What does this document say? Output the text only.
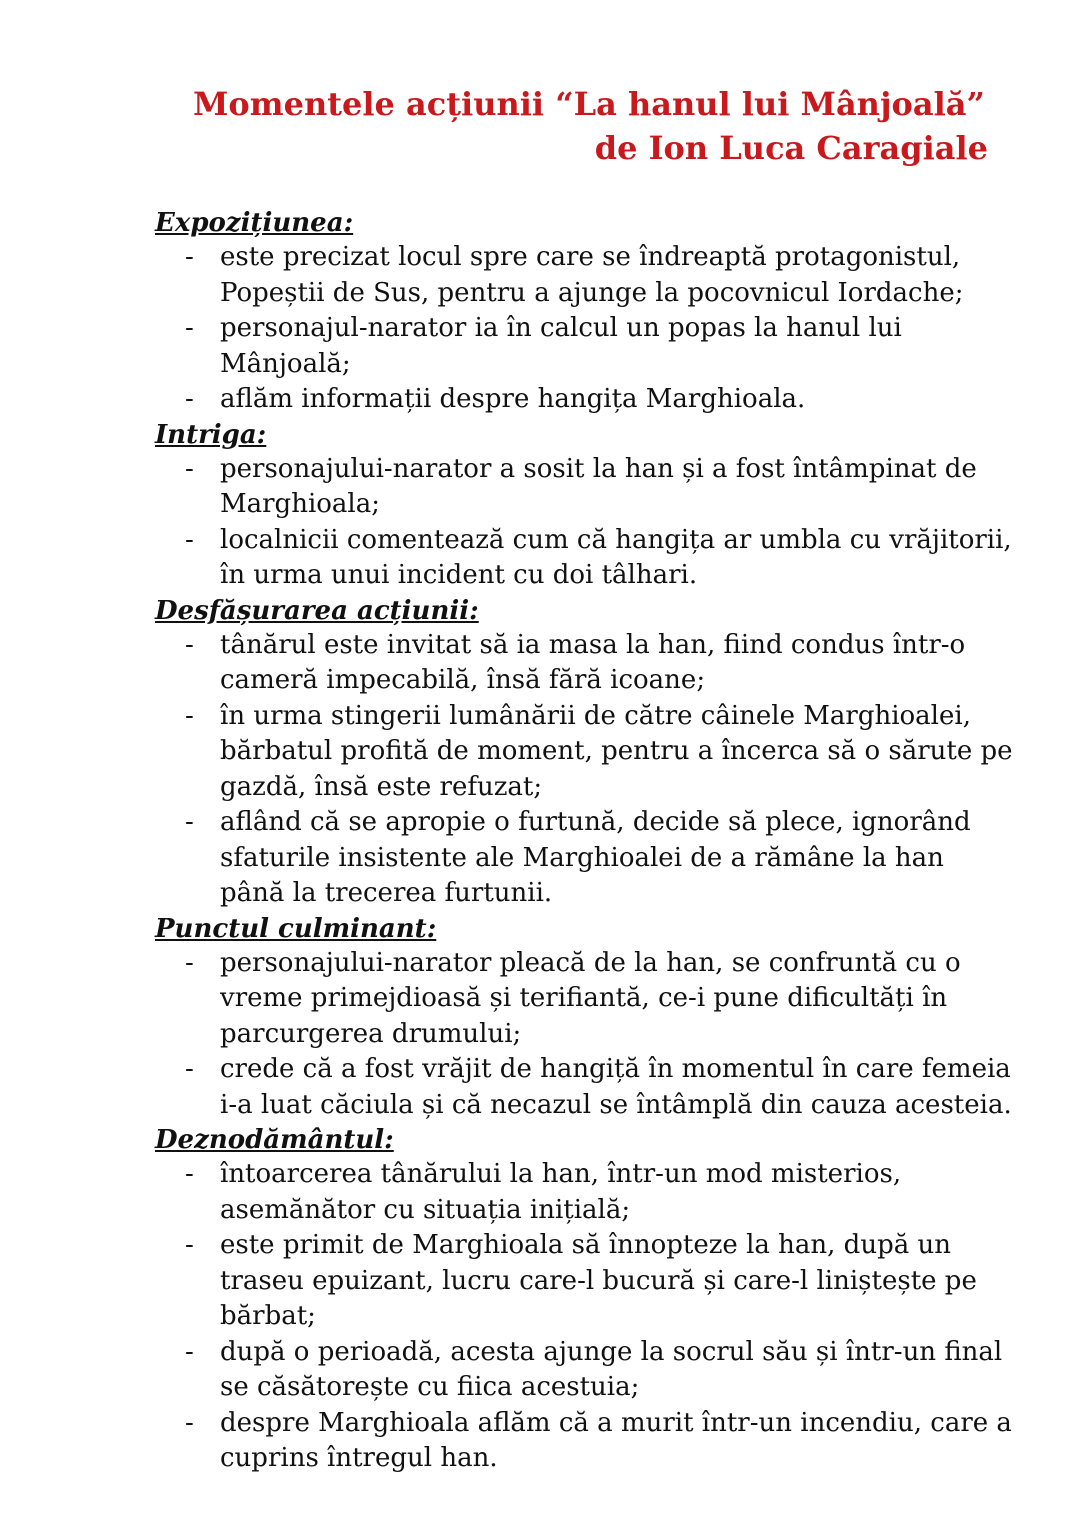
Momentele acțiunii “La hanul lui Mânjoală”
de Ion Luca Caragiale

Expozițiunea:

- este precizat locul spre care se îndreaptă protagonistul, Popeștii de Sus, pentru a ajunge la pocovnicul Iordache;
- personajul-narator ia în calcul un popas la hanul lui Mânjoală;
- aflăm informații despre hangița Marghioala.

Intriga:

- personajului-narator a sosit la han și a fost întâmpinat de Marghioala;
- localnicii comentează cum că hangița ar umbla cu vrăjitorii, în urma unui incident cu doi tâlhari.

Desfășurarea acțiunii:

- tânărul este invitat să ia masa la han, fiind condus într-o cameră impecabilă, însă fără icoane;
- în urma stingerii lumânării de către câinele Marghioalei, bărbatul profită de moment, pentru a încerca să o sărute pe gazdă, însă este refuzat;
- aflând că se apropie o furtună, decide să plece, ignorând sfaturile insistente ale Marghioalei de a rămâne la han până la trecerea furtunii.

Punctul culminant:

- personajului-narator pleacă de la han, se confruntă cu o vreme primejdioasă și terifiantă, ce-i pune dificultăți în parcurgerea drumului;
- crede că a fost vrăjit de hangiță în momentul în care femeia i-a luat căciula și că necazul se întâmplă din cauza acesteia.

Deznodământul:

- întoarcerea tânărului la han, într-un mod misterios, asemănător cu situația inițială;
- este primit de Marghioala să înnopteze la han, după un traseu epuizant, lucru care-l bucură și care-l liniștește pe bărbat;
- după o perioadă, acesta ajunge la socrul său și într-un final se căsătorește cu fiica acestuia;
- despre Marghioala aflăm că a murit într-un incendiu, care a cuprins întregul han.
